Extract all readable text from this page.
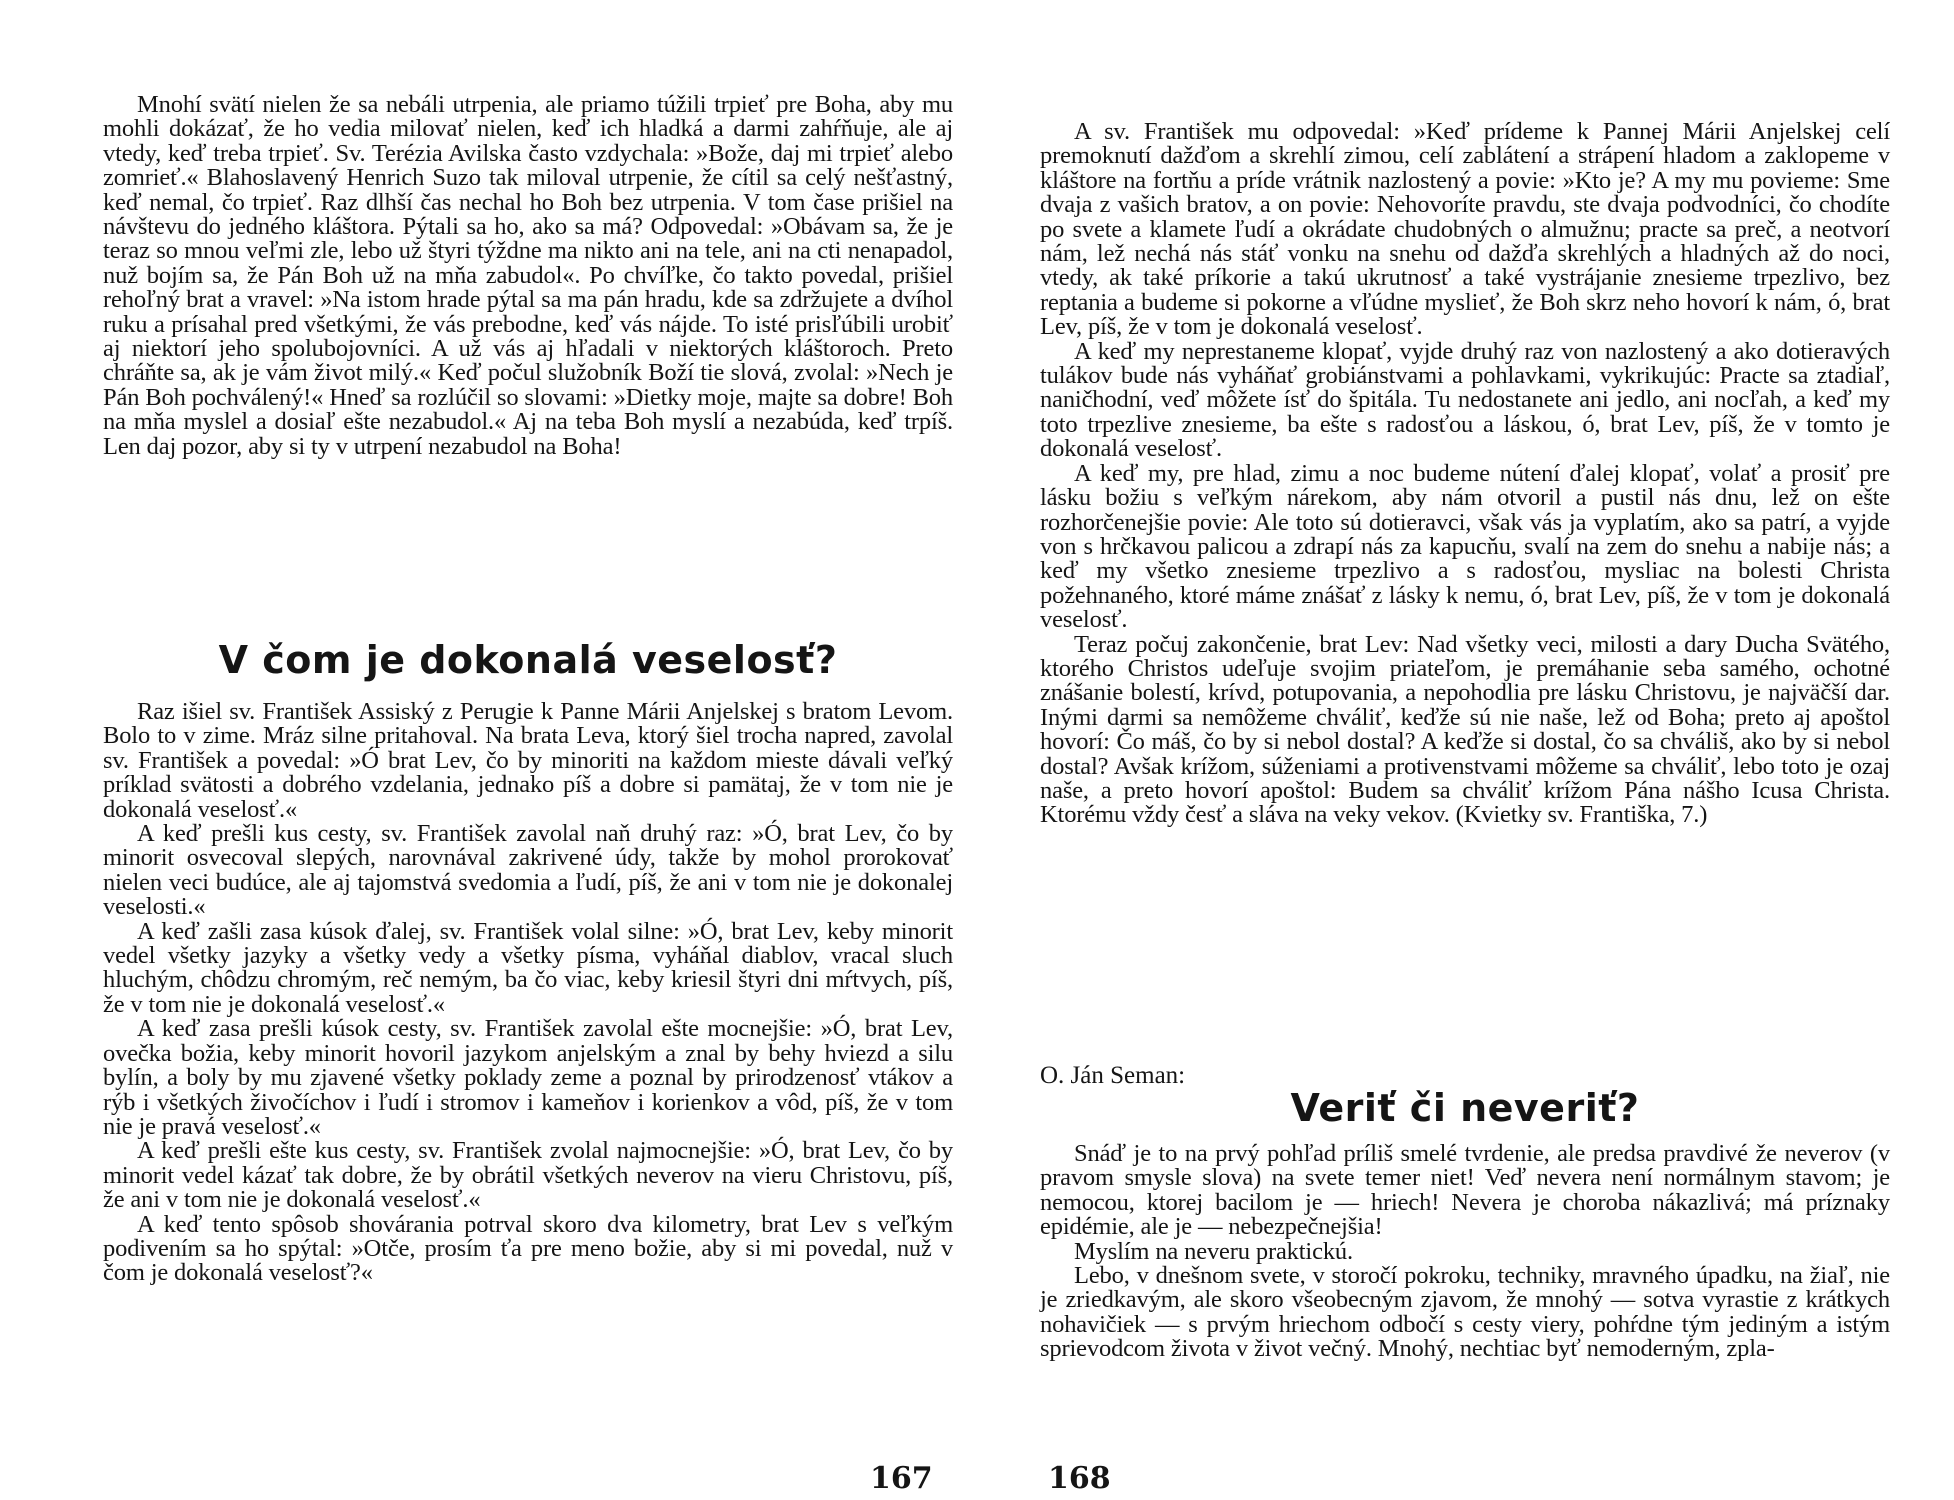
Mnohí svätí nielen že sa nebáli utrpenia, ale priamo túžili trpieť pre Boha, aby mu mohli dokázať, že ho vedia milovať nielen, keď ich hladká a darmi zahŕňuje, ale aj vtedy, keď treba trpieť. Sv. Terézia Avilska často vzdychala: »Bože, daj mi trpieť alebo zomrieť.« Blahoslavený Henrich Suzo tak miloval utrpenie, že cítil sa celý nešťastný, keď nemal, čo trpieť. Raz dlhší čas nechal ho Boh bez utrpenia. V tom čase prišiel na návštevu do jedného kláštora. Pýtali sa ho, ako sa má? Odpovedal: »Obávam sa, že je teraz so mnou veľmi zle, lebo už štyri týždne ma nikto ani na tele, ani na cti nenapadol, nuž bojím sa, že Pán Boh už na mňa zabudol«. Po chvíľke, čo takto povedal, prišiel rehoľný brat a vravel: »Na istom hrade pýtal sa ma pán hradu, kde sa zdržujete a dvíhol ruku a prísahal pred všetkými, že vás prebodne, keď vás nájde. To isté prisľúbili urobiť aj niektorí jeho spolubojovníci. A už vás aj hľadali v niektorých kláštoroch. Preto chráňte sa, ak je vám život milý.« Keď počul služobník Boží tie slová, zvolal: »Nech je Pán Boh pochválený!« Hneď sa rozlúčil so slovami: »Dietky moje, majte sa dobre! Boh na mňa myslel a dosiaľ ešte nezabudol.« Aj na teba Boh myslí a nezabúda, keď trpíš. Len daj pozor, aby si ty v utrpení nezabudol na Boha!

V čom je dokonalá veselosť?

Raz išiel sv. František Assiský z Perugie k Panne Márii Anjelskej s bratom Levom. Bolo to v zime. Mráz silne pritahoval. Na brata Leva, ktorý šiel trocha napred, zavolal sv. František a povedal: »Ó brat Lev, čo by minoriti na každom mieste dávali veľký príklad svätosti a dobrého vzdelania, jednako píš a dobre si pamätaj, že v tom nie je dokonalá veselosť.«

A keď prešli kus cesty, sv. František zavolal naň druhý raz: »Ó, brat Lev, čo by minorit osvecoval slepých, narovnával zakrivené údy, takže by mohol prorokovať nielen veci budúce, ale aj tajomstvá svedomia a ľudí, píš, že ani v tom nie je dokonalej veselosti.«

A keď zašli zasa kúsok ďalej, sv. František volal silne: »Ó, brat Lev, keby minorit vedel všetky jazyky a všetky vedy a všetky písma, vyháňal diablov, vracal sluch hluchým, chôdzu chromým, reč nemým, ba čo viac, keby kriesil štyri dni mŕtvych, píš, že v tom nie je dokonalá veselosť.«

A keď zasa prešli kúsok cesty, sv. František zavolal ešte mocnejšie: »Ó, brat Lev, ovečka božia, keby minorit hovoril jazykom anjelským a znal by behy hviezd a silu bylín, a boly by mu zjavené všetky poklady zeme a poznal by prirodzenosť vtákov a rýb i všetkých živočíchov i ľudí i stromov i kameňov i korienkov a vôd, píš, že v tom nie je pravá veselosť.«

A keď prešli ešte kus cesty, sv. František zvolal najmocnejšie: »Ó, brat Lev, čo by minorit vedel kázať tak dobre, že by obrátil všetkých neverov na vieru Christovu, píš, že ani v tom nie je dokonalá veselosť.«

A keď tento spôsob shovárania potrval skoro dva kilometry, brat Lev s veľkým podivením sa ho spýtal: »Otče, prosím ťa pre meno božie, aby si mi povedal, nuž v čom je dokonalá veselosť?«

167

A sv. František mu odpovedal: »Keď prídeme k Pannej Márii Anjelskej celí premoknutí dažďom a skrehlí zimou, celí zablátení a strápení hladom a zaklopeme v kláštore na fortňu a príde vrátnik nazlostený a povie: »Kto je? A my mu povieme: Sme dvaja z vašich bratov, a on povie: Nehovoríte pravdu, ste dvaja podvodníci, čo chodíte po svete a klamete ľudí a okrádate chudobných o almužnu; practe sa preč, a neotvorí nám, lež nechá nás stáť vonku na snehu od dažďa skrehlých a hladných až do noci, vtedy, ak také príkorie a takú ukrutnosť a také vystrájanie znesieme trpezlivo, bez reptania a budeme si pokorne a vľúdne myslieť, že Boh skrz neho hovorí k nám, ó, brat Lev, píš, že v tom je dokonalá veselosť.

A keď my neprestaneme klopať, vyjde druhý raz von nazlostený a ako dotieravých tulákov bude nás vyháňať grobiánstvami a pohlavkami, vykrikujúc: Practe sa ztadiaľ, naničhodní, veď môžete ísť do špitála. Tu nedostanete ani jedlo, ani nocľah, a keď my toto trpezlive znesieme, ba ešte s radosťou a láskou, ó, brat Lev, píš, že v tomto je dokonalá veselosť.

A keď my, pre hlad, zimu a noc budeme nútení ďalej klopať, volať a prosiť pre lásku božiu s veľkým nárekom, aby nám otvoril a pustil nás dnu, lež on ešte rozhorčenejšie povie: Ale toto sú dotieravci, však vás ja vyplatím, ako sa patrí, a vyjde von s hrčkavou palicou a zdrapí nás za kapucňu, svalí na zem do snehu a nabije nás; a keď my všetko znesieme trpezlivo a s radosťou, mysliac na bolesti Christa požehnaného, ktoré máme znášať z lásky k nemu, ó, brat Lev, píš, že v tom je dokonalá veselosť.

Teraz počuj zakončenie, brat Lev: Nad všetky veci, milosti a dary Ducha Svätého, ktorého Christos udeľuje svojim priateľom, je premáhanie seba samého, ochotné znášanie bolestí, krívd, potupovania, a nepohodlia pre lásku Christovu, je najväčší dar. Inými darmi sa nemôžeme chváliť, keďže sú nie naše, lež od Boha; preto aj apoštol hovorí: Čo máš, čo by si nebol dostal? A keďže si dostal, čo sa chváliš, ako by si nebol dostal? Avšak krížom, súženiami a protivenstvami môžeme sa chváliť, lebo toto je ozaj naše, a preto hovorí apoštol: Budem sa chváliť krížom Pána nášho Ісusa Christa. Ktorému vždy česť a sláva na veky vekov. (Kvietky sv. Františka, 7.)

O. Ján Seman:
Veriť či neveriť?

Snáď je to na prvý pohľad príliš smelé tvrdenie, ale predsa pravdivé že neverov (v pravom smysle slova) na svete temer niet! Veď nevera není normálnym stavom; je nemocou, ktorej bacilom je — hriech! Nevera je choroba nákazlivá; má príznaky epidémie, ale je — nebezpečnejšia!

Myslím na neveru praktickú.

Lebo, v dnešnom svete, v storočí pokroku, techniky, mravného úpadku, na žiaľ, nie je zriedkavým, ale skoro všeobecným zjavom, že mnohý — sotva vyrastie z krátkych nohavičiek — s prvým hriechom odbočí s cesty viery, pohŕdne tým jediným a istým sprievodcom života v život večný. Mnohý, nechtiac byť nemoderným, zpla-

168
